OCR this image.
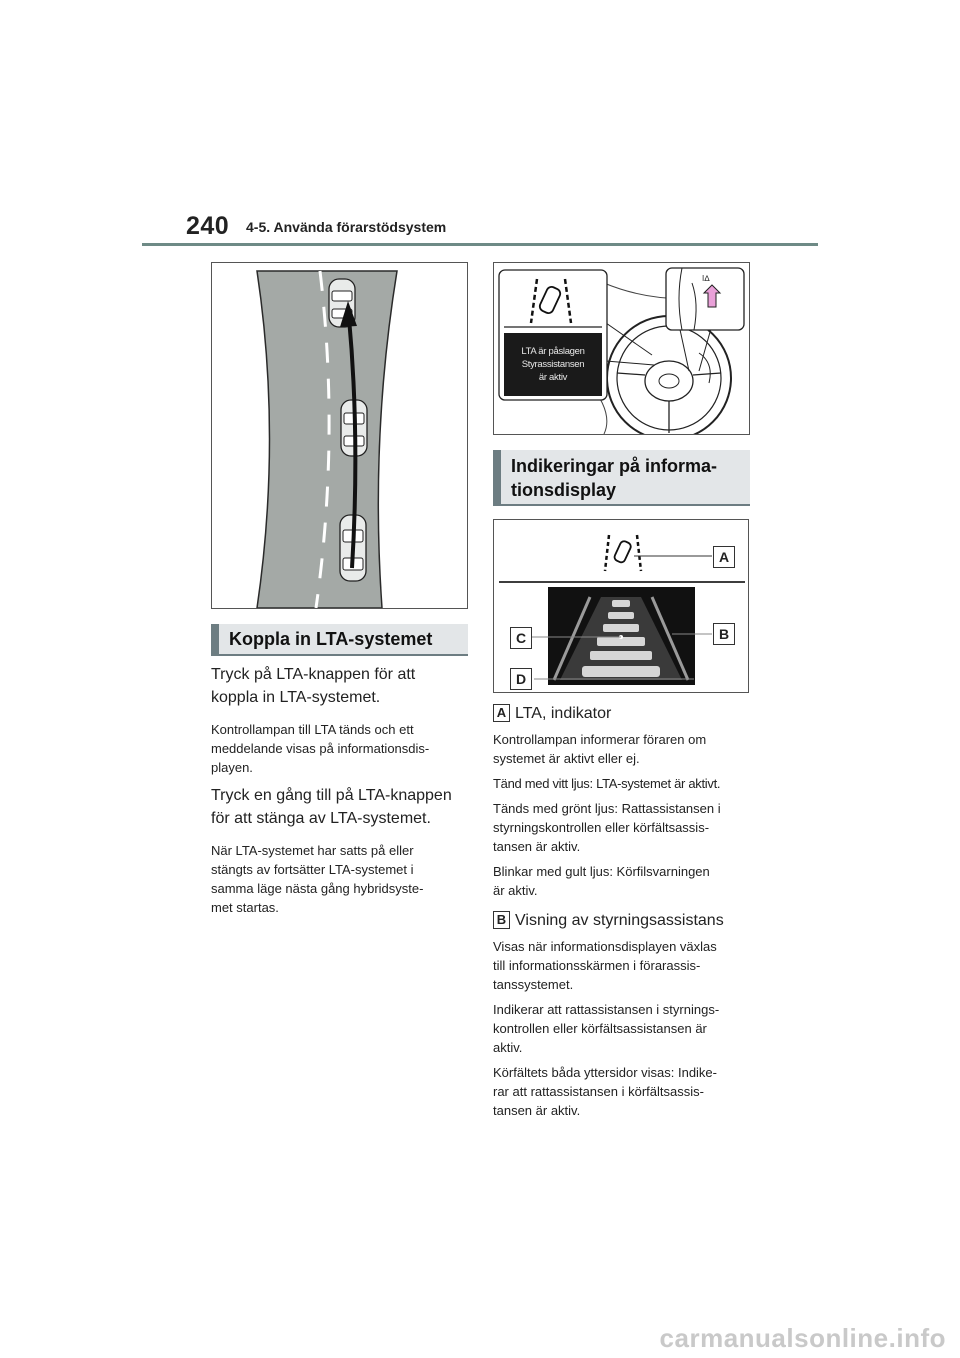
240 4-5. Använda förarstödsystem
lᐃ
LTA är påslagen
Styrassistansen
är aktiv
Indikeringar på informa-
tionsdisplay
A
B
C
D
Koppla in LTA-systemet
Tryck på LTA-knappen för att
koppla in LTA-systemet.
Kontrollampan till LTA tänds och ett
meddelande visas på informationsdis-
playen.
Tryck en gång till på LTA-knappen
för att stänga av LTA-systemet.
När LTA-systemet har satts på eller
stängts av fortsätter LTA-systemet i
samma läge nästa gång hybridsyste-
met startas.
A LTA, indikator
Kontrollampan informerar föraren om
systemet är aktivt eller ej.
Tänd med vitt ljus: LTA-systemet är aktivt.
Tänds med grönt ljus: Rattassistansen i
styrningskontrollen eller körfältsassis-
tansen är aktiv.
Blinkar med gult ljus: Körfilsvarningen
är aktiv.
B Visning av styrningsassistans
Visas när informationsdisplayen växlas
till informationsskärmen i förarassis-
tanssystemet.
Indikerar att rattassistansen i styrnings-
kontrollen eller körfältsassistansen är
aktiv.
Körfältets båda yttersidor visas: Indike-
rar att rattassistansen i körfältsassis-
tansen är aktiv.
carmanualsonline.info
